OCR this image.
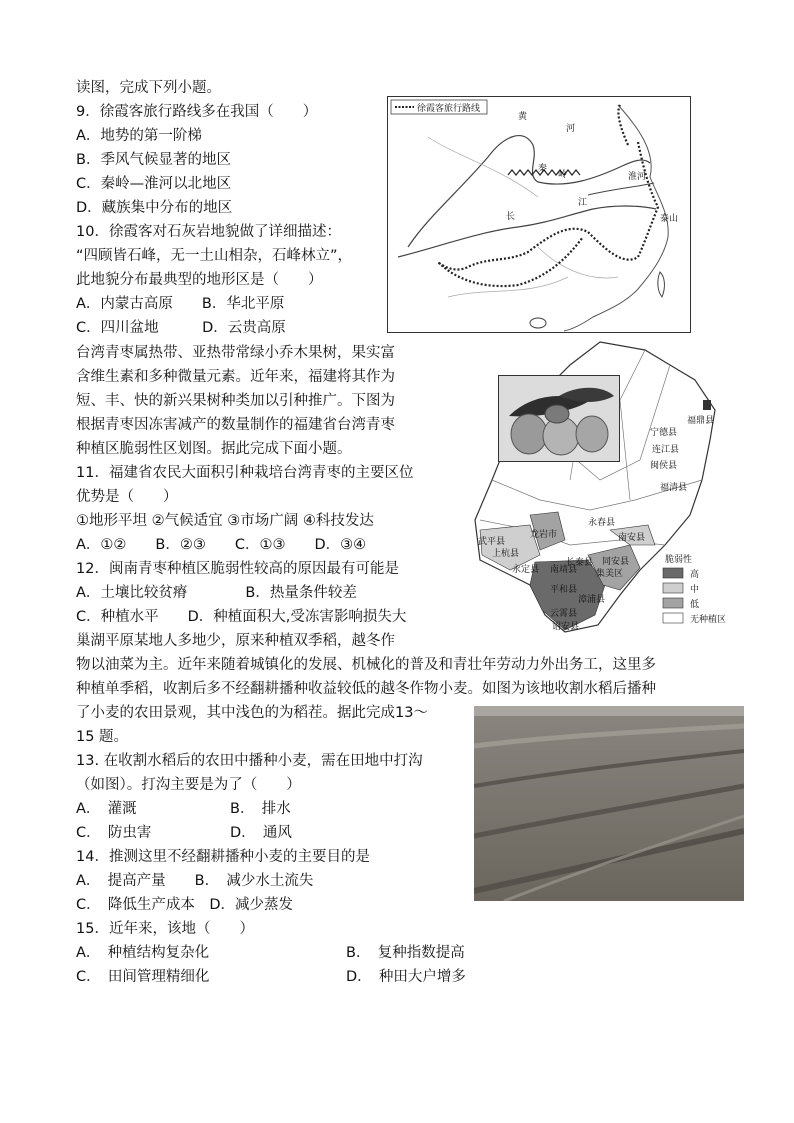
读图，完成下列小题。
9．徐霞客旅行路线多在我国（　　）
A．地势的第一阶梯
B．季风气候显著的地区
C．秦岭—淮河以北地区
D．藏族集中分布的地区
10．徐霞客对石灰岩地貌做了详细描述：
“四顾皆石峰，无一土山相杂，石峰林立”，
此地貌分布最典型的地形区是（　　）
A．内蒙古高原　　B．华北平原
C．四川盆地　　　D．云贵高原
台湾青枣属热带、亚热带常绿小乔木果树，果实富
含维生素和多种微量元素。近年来，福建将其作为
短、丰、快的新兴果树种类加以引种推广。下图为
根据青枣因冻害减产的数量制作的福建省台湾青枣
种植区脆弱性区划图。据此完成下面小题。
11．福建省农民大面积引种栽培台湾青枣的主要区位
优势是（　　）
①地形平坦 ②气候适宜 ③市场广阔 ④科技发达
A．①②　　B．②③　　C．①③　　D．③④
12．闽南青枣种植区脆弱性较高的原因最有可能是
A．土壤比较贫瘠　　　　B．热量条件较差
C．种植水平　　D．种植面积大,受冻害影响损失大
巢湖平原某地人多地少，原来种植双季稻，越冬作
物以油菜为主。近年来随着城镇化的发展、机械化的普及和青壮年劳动力外出务工，这里多
种植单季稻，收割后多不经翻耕播种收益较低的越冬作物小麦。如图为该地收割水稻后播种
了小麦的农田景观，其中浅色的为稻茬。据此完成13～
15 题。
13. 在收割水稻后的农田中播种小麦，需在田地中打沟
（如图）。打沟主要是为了（　　）
A．　灌溉	B．　排水
C．　防虫害	D．　通风
14．推测这里不经翻耕播种小麦的主要目的是
A．　提高产量　　B．　减少水土流失
C．　降低生产成本　D．减少蒸发
15．近年来，该地（　　）
A．　种植结构复杂化	B．　复种指数提高
C．　田间管理精细化	D．　种田大户增多
徐霞客旅行路线
黄
河
秦
岭	淮河
长
江
泰山
福鼎县
宁德县
连江县
闽侯县
福清县
永春县
南安县
龙岩市
武平县
上杭县
永定县 南靖县
长泰县 同安县
集美区
平和县
漳浦县
云霄县
诏安县
脆弱性
高
中
低
无种植区
